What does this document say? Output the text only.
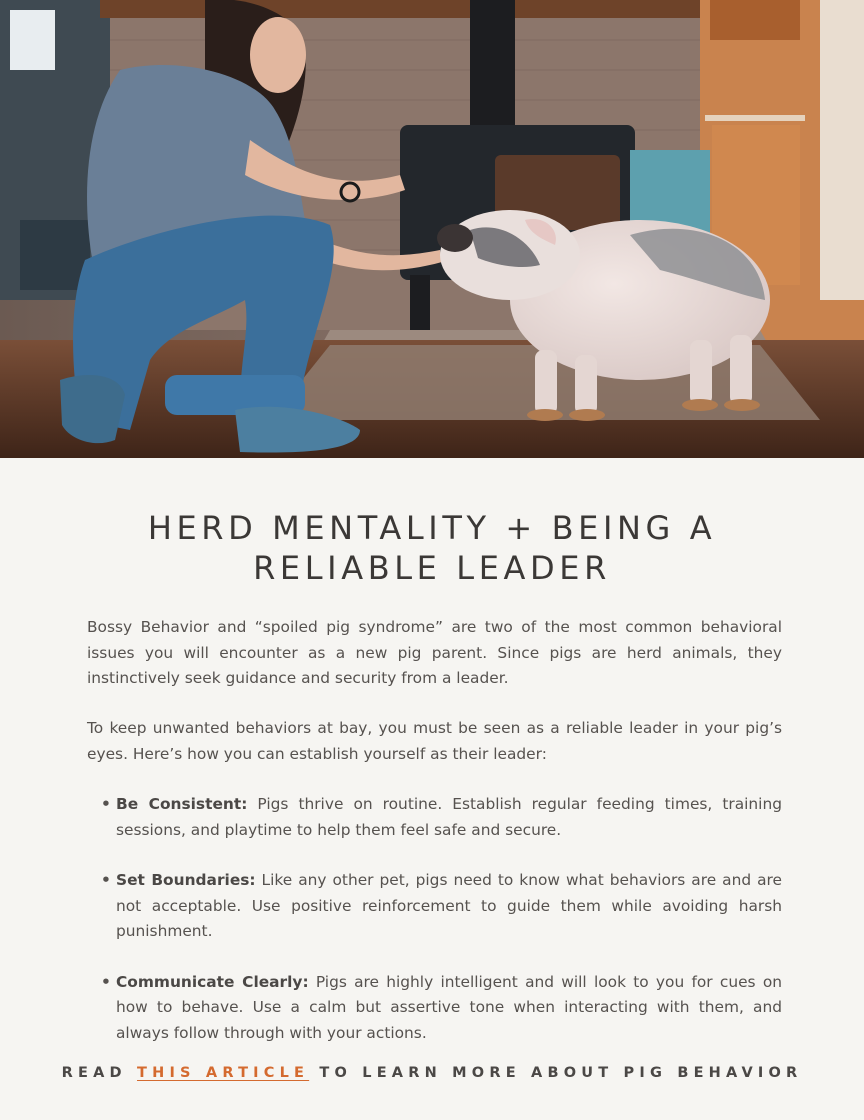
HERD MENTALITY + BEING A
RELIABLE LEADER

Bossy Behavior and “spoiled pig syndrome” are two of the most common behavioral issues you will encounter as a new pig parent. Since pigs are herd animals, they instinctively seek guidance and security from a leader.

To keep unwanted behaviors at bay, you must be seen as a reliable leader in your pig’s eyes. Here’s how you can establish yourself as their leader:

• Be Consistent: Pigs thrive on routine. Establish regular feeding times, training sessions, and playtime to help them feel safe and secure.
• Set Boundaries: Like any other pet, pigs need to know what behaviors are and are not acceptable. Use positive reinforcement to guide them while avoiding harsh punishment.
• Communicate Clearly: Pigs are highly intelligent and will look to you for cues on how to behave. Use a calm but assertive tone when interacting with them, and always follow through with your actions.
READ THIS ARTICLE TO LEARN MORE ABOUT PIG BEHAVIOR
